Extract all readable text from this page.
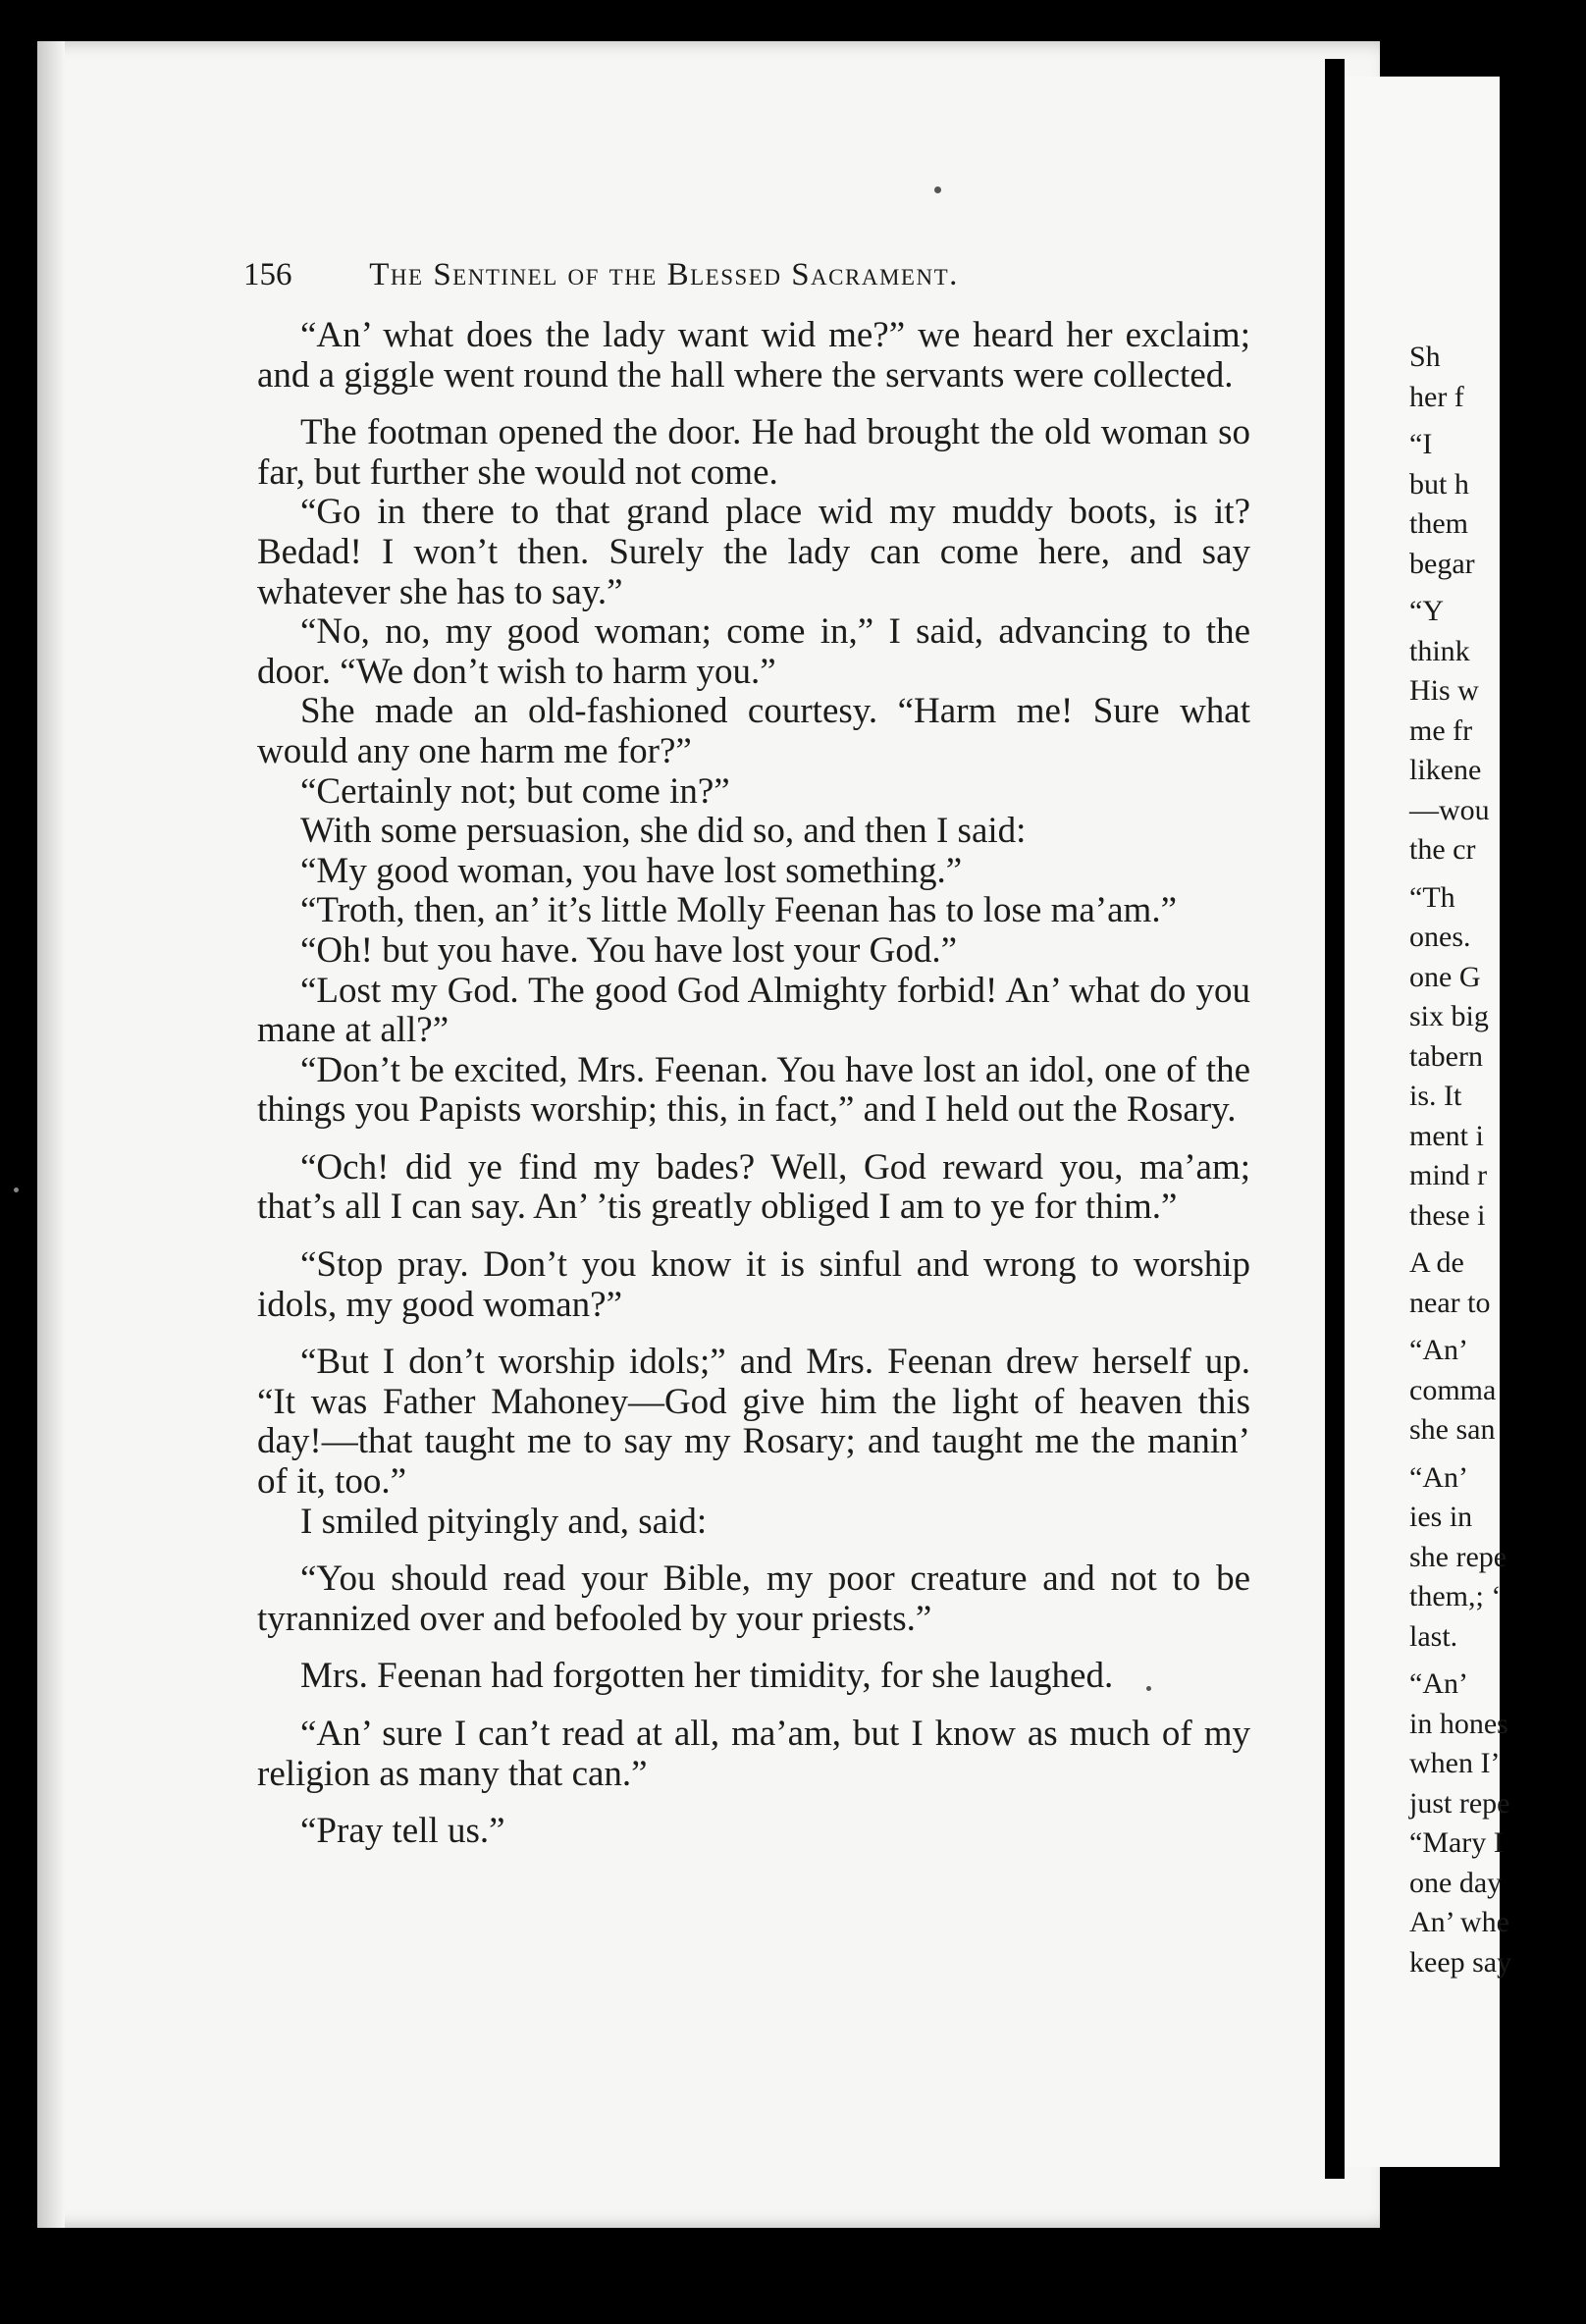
156 The Sentinel of the Blessed Sacrament.

“An’ what does the lady want wid me?” we heard her exclaim; and a giggle went round the hall where the servants were collected.

The footman opened the door. He had brought the old woman so far, but further she would not come.

“Go in there to that grand place wid my muddy boots, is it? Bedad! I won’t then. Surely the lady can come here, and say whatever she has to say.”

“No, no, my good woman; come in,” I said, advancing to the door. “We don’t wish to harm you.”

She made an old-fashioned courtesy. “Harm me! Sure what would any one harm me for?”

“Certainly not; but come in?”

With some persuasion, she did so, and then I said:

“My good woman, you have lost something.”

“Troth, then, an’ it’s little Molly Feenan has to lose ma’am.”

“Oh! but you have. You have lost your God.”

“Lost my God. The good God Almighty forbid! An’ what do you mane at all?”

“Don’t be excited, Mrs. Feenan. You have lost an idol, one of the things you Papists worship; this, in fact,” and I held out the Rosary.

“Och! did ye find my bades? Well, God reward you, ma’am; that’s all I can say. An’ ’tis greatly obliged I am to ye for thim.”

“Stop pray. Don’t you know it is sinful and wrong to worship idols, my good woman?”

“But I don’t worship idols;” and Mrs. Feenan drew herself up. “It was Father Mahoney—God give him the light of heaven this day!—that taught me to say my Rosary; and taught me the manin’ of it, too.”

I smiled pityingly and, said:

“You should read your Bible, my poor creature and not to be tyrannized over and befooled by your priests.”

Mrs. Feenan had forgotten her timidity, for she laughed.

“An’ sure I can’t read at all, ma’am, but I know as much of my religion as many that can.”

“Pray tell us.”

Sh
her f
“I
but h
them
begar
“Y
think
His w
me fr
likene
—wou
the cr
“Th
ones.
one G
six big
tabern
is. It
ment i
mind r
these i
A de
near to
“An’
comma
she san
“An’
ies in
she repe
them,; ‘
last.
“An’
in hones
when I’
just repe
“Mary I
one day
An’ whe
keep say
